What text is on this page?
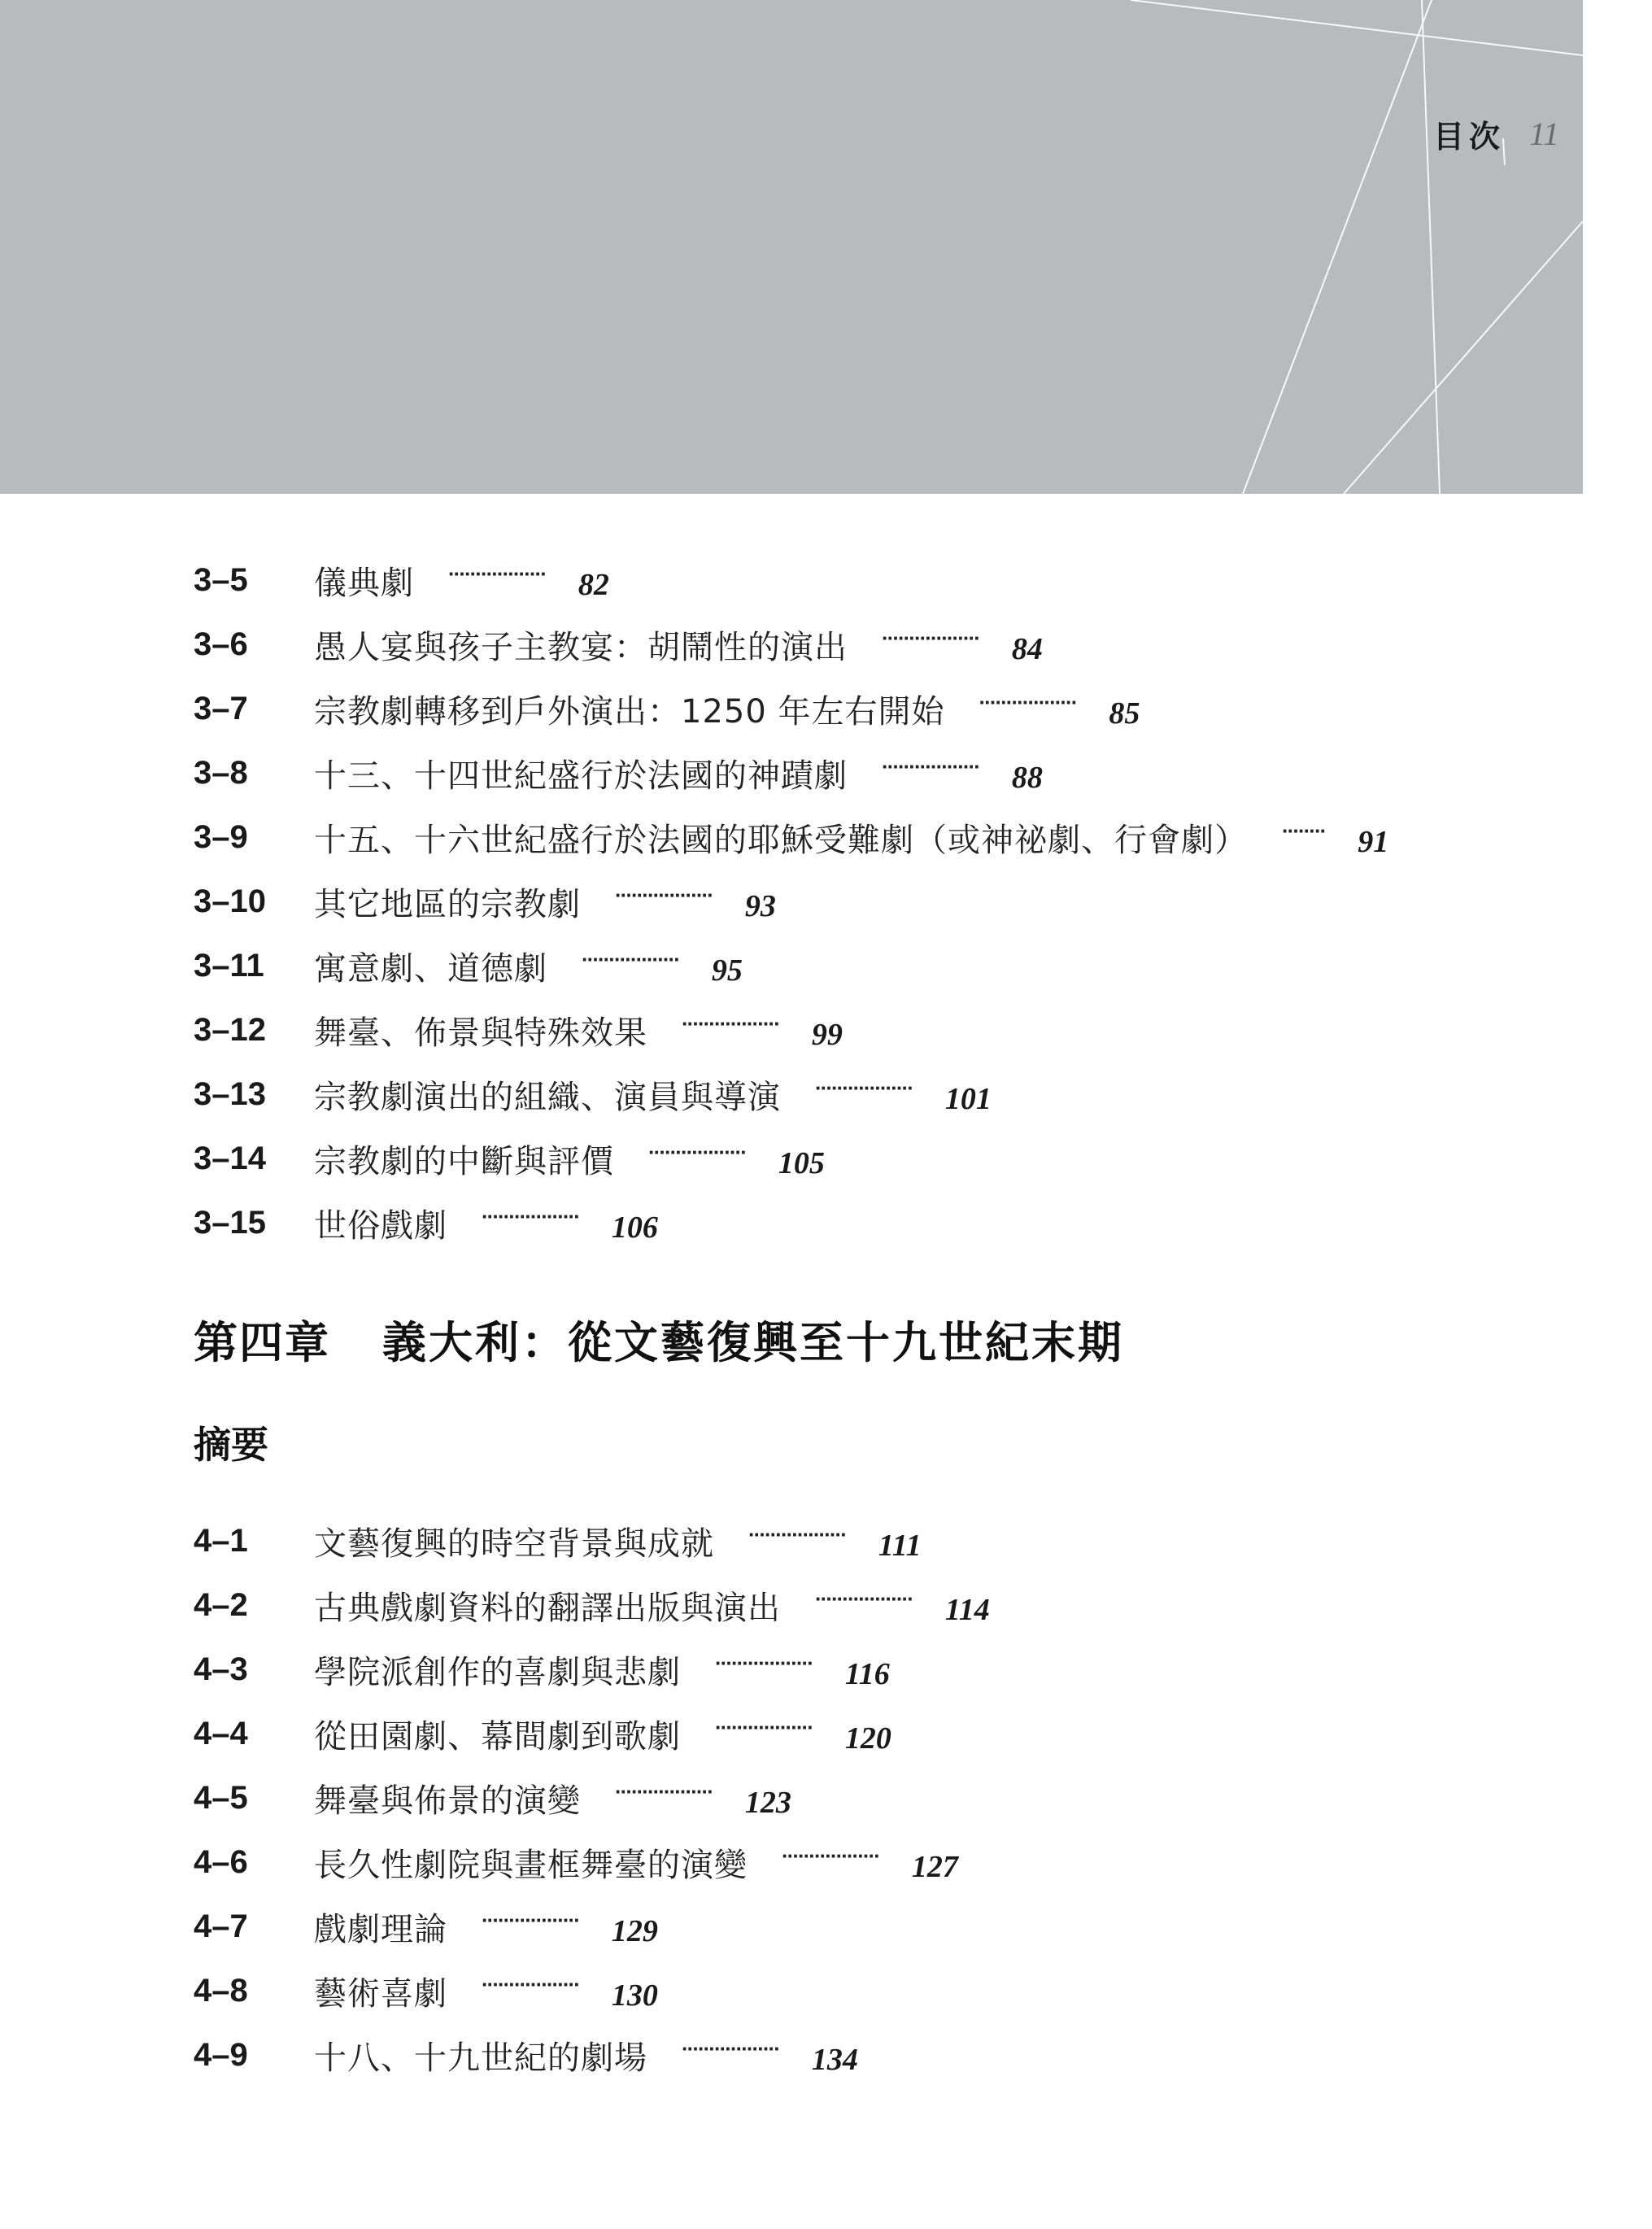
目次 11
3–5	儀典劇 ·················· 82
3–6	愚人宴與孩子主教宴：胡鬧性的演出 ·················· 84
3–7	宗教劇轉移到戶外演出：1250 年左右開始 ·················· 85
3–8	十三、十四世紀盛行於法國的神蹟劇 ·················· 88
3–9	十五、十六世紀盛行於法國的耶穌受難劇（或神祕劇、行會劇） ········ 91
3–10	其它地區的宗教劇 ·················· 93
3–11	寓意劇、道德劇 ·················· 95
3–12	舞臺、佈景與特殊效果 ·················· 99
3–13	宗教劇演出的組織、演員與導演 ·················· 101
3–14	宗教劇的中斷與評價 ·················· 105
3–15	世俗戲劇 ·················· 106
第四章 義大利：從文藝復興至十九世紀末期
摘要
4–1	文藝復興的時空背景與成就 ·················· 111
4–2	古典戲劇資料的翻譯出版與演出 ·················· 114
4–3	學院派創作的喜劇與悲劇 ·················· 116
4–4	從田園劇、幕間劇到歌劇 ·················· 120
4–5	舞臺與佈景的演變 ·················· 123
4–6	長久性劇院與畫框舞臺的演變 ·················· 127
4–7	戲劇理論 ·················· 129
4–8	藝術喜劇 ·················· 130
4–9	十八、十九世紀的劇場 ·················· 134
